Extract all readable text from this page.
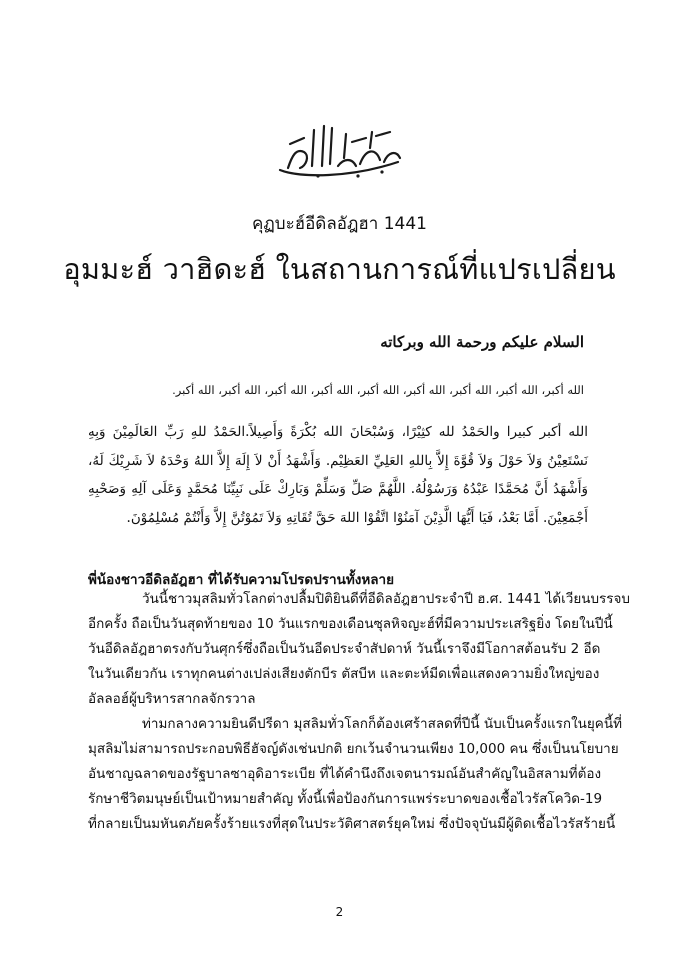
คุฏบะฮ์อีดิลอัฎฮา 1441
อุมมะฮ์ วาฮิดะฮ์ ในสถานการณ์ที่แปรเปลี่ยน
السلام عليكم ورحمة الله وبركاته
الله أكبر، الله أكبر، الله أكبر، الله أكبر، الله أكبر، الله أكبر، الله أكبر، الله أكبر، الله أكبر.
الله أكبر كبيرا والحَمْدُ لله كثِيْرًا، وَسُبْحَانَ الله بُكْرَةً وَأَصِيلاً.الحَمْدُ للهِ رَبِّ العَالَمِيْنَ وَبِهِ نَسْتَعِيْنُ وَلاَ حَوْلَ وَلاَ قُوَّةَ إِلاَّ بِاللهِ العَلِيِّ العَظِيْم. وَأَشْهَدُ أَنْ لاَ إِلَهَ إِلاَّ اللهُ وَحْدَهُ لاَ شَرِيْكَ لَهُ، وَأَشْهَدُ أَنَّ مُحَمَّدًا عَبْدُهُ وَرَسُوْلُهُ. اللَّهُمَّ صَلِّ وَسَلِّمْ وَبَارِكْ عَلَى نَبِيِّنَا مُحَمَّدٍ وَعَلَى آلِهِ وَصَحْبِهِ أَجْمَعِيْنَ. أَمَّا بَعْدُ، فَيَا أَيُّهَا الَّذِيْنَ آمَنُوْا اتَّقُوْا اللهَ حَقَّ تُقَاتِهِ وَلاَ تَمُوْتُنَّ إِلاَّ وَأَنْتُمْ مُسْلِمُوْنَ.
พี่น้องชาวอีดิลอัฎฮา ที่ได้รับความโปรดปรานทั้งหลาย
วันนี้ชาวมุสลิมทั่วโลกต่างปลื้มปิติยินดีที่อีดิลอัฎฮาประจำปี ฮ.ศ. 1441 ได้เวียนบรรจบ
อีกครั้ง ถือเป็นวันสุดท้ายของ 10 วันแรกของเดือนซุลหิจญะฮ์ที่มีความประเสริฐยิ่ง โดยในปีนี้
วันอีดิลอัฎฮาตรงกับวันศุกร์ซึ่งถือเป็นวันอีดประจำสัปดาห์ วันนี้เราจึงมีโอกาสต้อนรับ 2 อีด
ในวันเดียวกัน เราทุกคนต่างเปล่งเสียงตักบีร ตัสบีห และตะห์มีดเพื่อแสดงความยิ่งใหญ่ของ
อัลลอฮ์ผู้บริหารสากลจักรวาล
ท่ามกลางความยินดีปรีดา มุสลิมทั่วโลกก็ต้องเศร้าสลดที่ปีนี้ นับเป็นครั้งแรกในยุคนี้ที่
มุสลิมไม่สามารถประกอบพิธีฮัจญ์ดังเช่นปกติ ยกเว้นจำนวนเพียง 10,000 คน ซึ่งเป็นนโยบาย
อันชาญฉลาดของรัฐบาลซาอุดิอาระเบีย ที่ได้คำนึงถึงเจตนารมณ์อันสำคัญในอิสลามที่ต้อง
รักษาชีวิตมนุษย์เป็นเป้าหมายสำคัญ ทั้งนี้เพื่อป้องกันการแพร่ระบาดของเชื้อไวรัสโควิด-19
ที่กลายเป็นมหันตภัยครั้งร้ายแรงที่สุดในประวัติศาสตร์ยุคใหม่ ซึ่งปัจจุบันมีผู้ติดเชื้อไวรัสร้ายนี้
2
